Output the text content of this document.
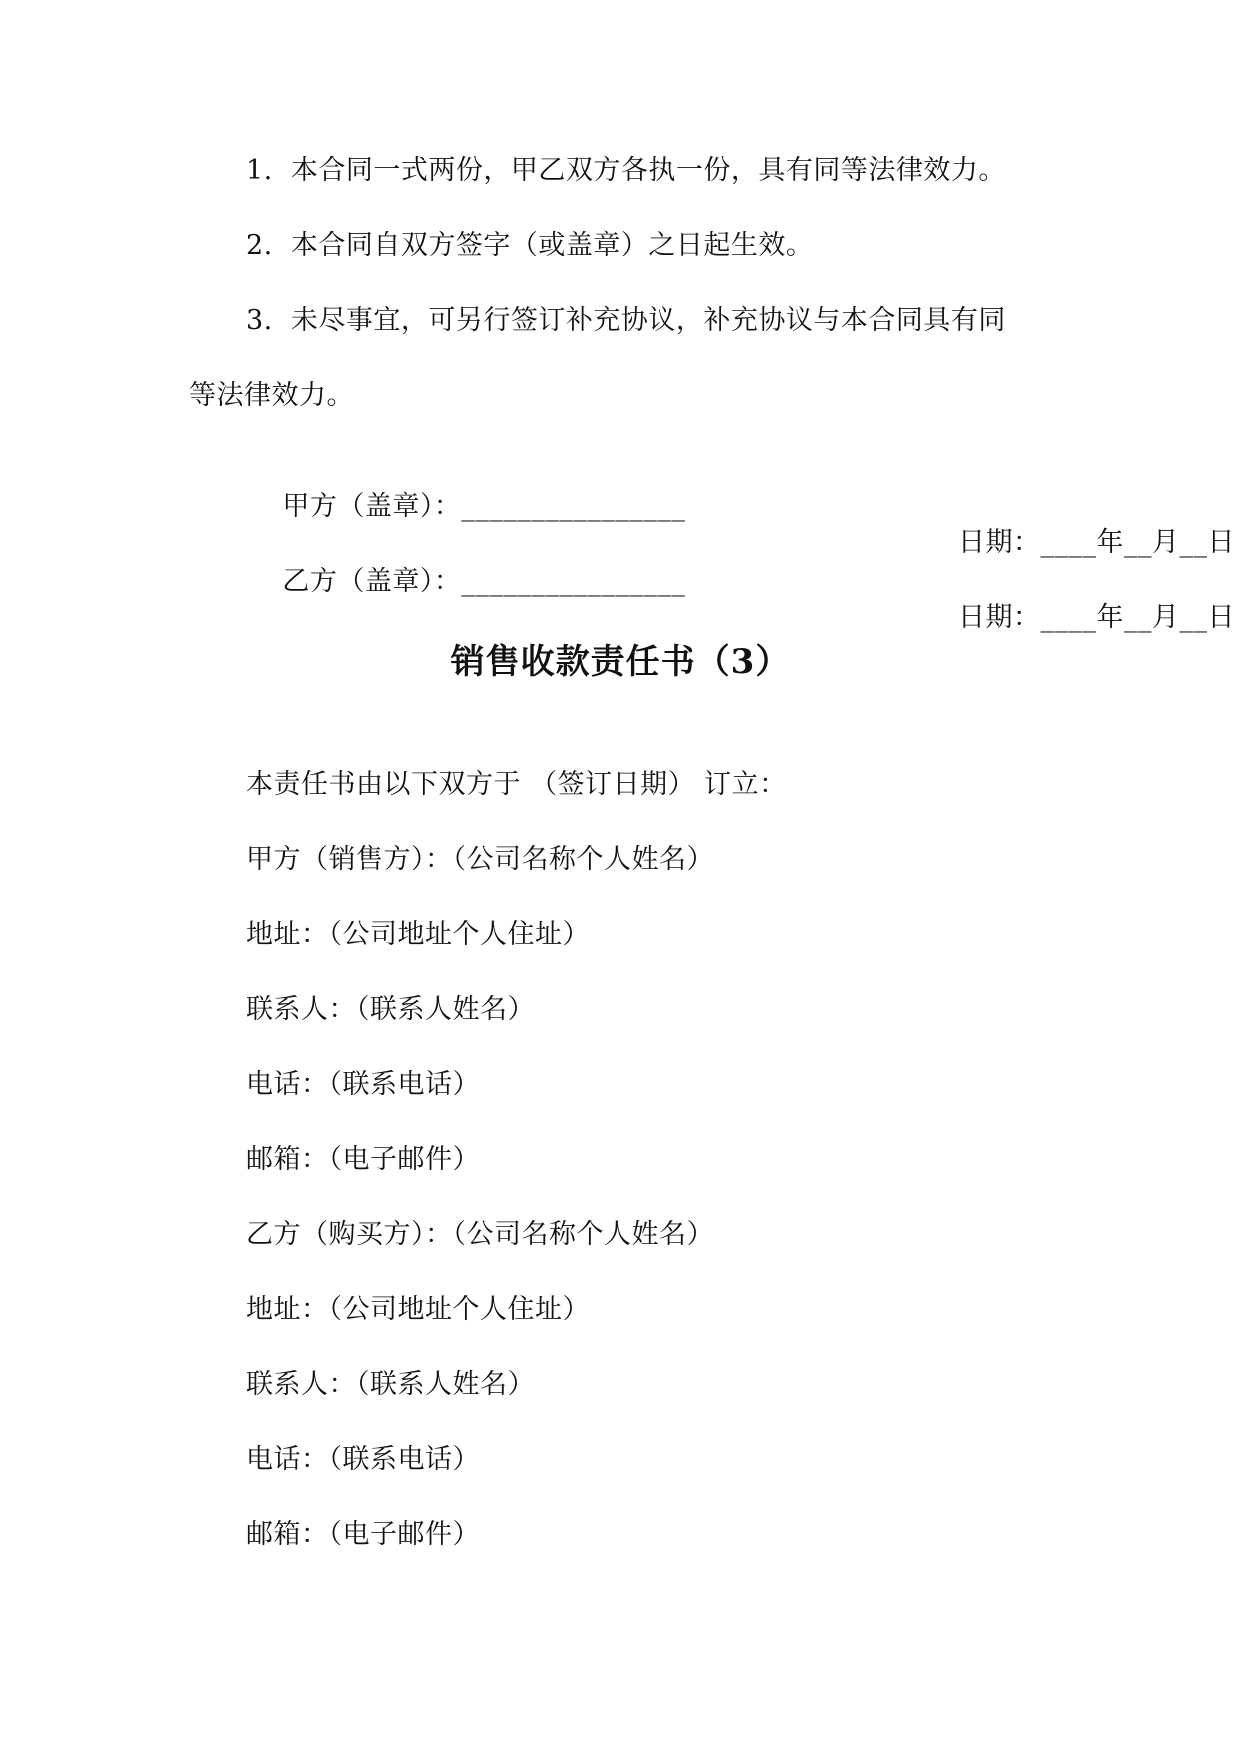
1.  本合同一式两份，甲乙双方各执一份，具有同等法律效力。
2.  本合同自双方签字（或盖章）之日起生效。
3.  未尽事宜，可另行签订补充协议，补充协议与本合同具有同
等法律效力。

甲方（盖章）：________________

日期：____年__月__日

乙方（盖章）：________________

日期：____年__月__日

销售收款责任书（3）
本责任书由以下双方于 （签订日期） 订立：
甲方（销售方）：（公司名称个人姓名）
地址：（公司地址个人住址）
联系人：（联系人姓名）
电话：（联系电话）
邮箱：（电子邮件）
乙方（购买方）：（公司名称个人姓名）
地址：（公司地址个人住址）
联系人：（联系人姓名）
电话：（联系电话）
邮箱：（电子邮件）
